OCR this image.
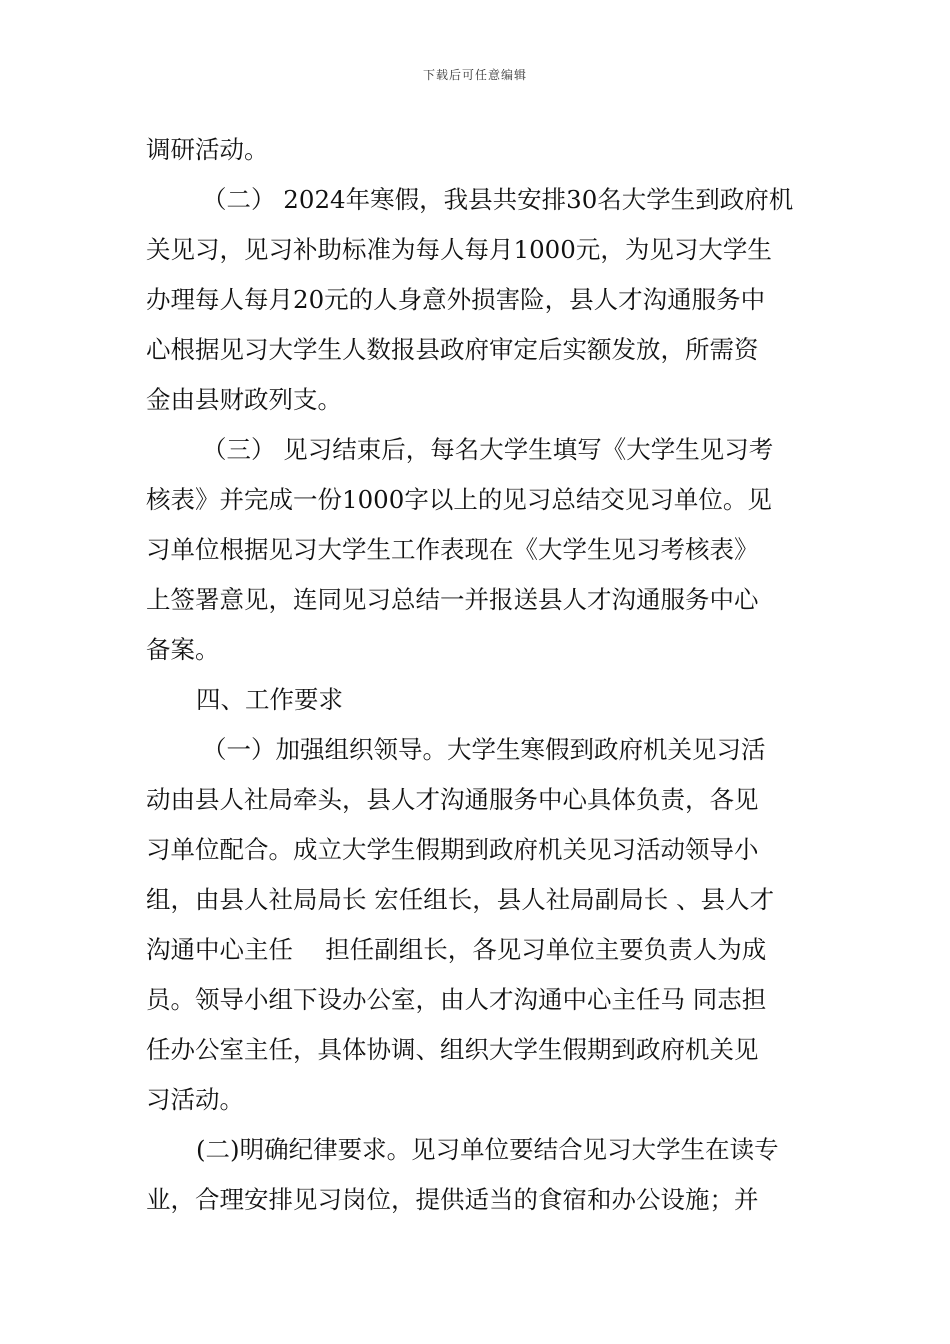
下载后可任意编辑
调研活动。
（二） 2024年寒假，我县共安排30名大学生到政府机
关见习，见习补助标准为每人每月1000元，为见习大学生
办理每人每月20元的人身意外损害险，县人才沟通服务中
心根据见习大学生人数报县政府审定后实额发放，所需资
金由县财政列支。
（三） 见习结束后，每名大学生填写《大学生见习考
核表》并完成一份1000字以上的见习总结交见习单位。见
习单位根据见习大学生工作表现在《大学生见习考核表》
上签署意见，连同见习总结一并报送县人才沟通服务中心
备案。
四、工作要求
（一）加强组织领导。大学生寒假到政府机关见习活
动由县人社局牵头，县人才沟通服务中心具体负责，各见
习单位配合。成立大学生假期到政府机关见习活动领导小
组，由县人社局局长 宏任组长，县人社局副局长 、县人才
沟通中心主任　 担任副组长，各见习单位主要负责人为成
员。领导小组下设办公室，由人才沟通中心主任马 同志担
任办公室主任，具体协调、组织大学生假期到政府机关见
习活动。
(二)明确纪律要求。见习单位要结合见习大学生在读专
业，合理安排见习岗位，提供适当的食宿和办公设施；并
